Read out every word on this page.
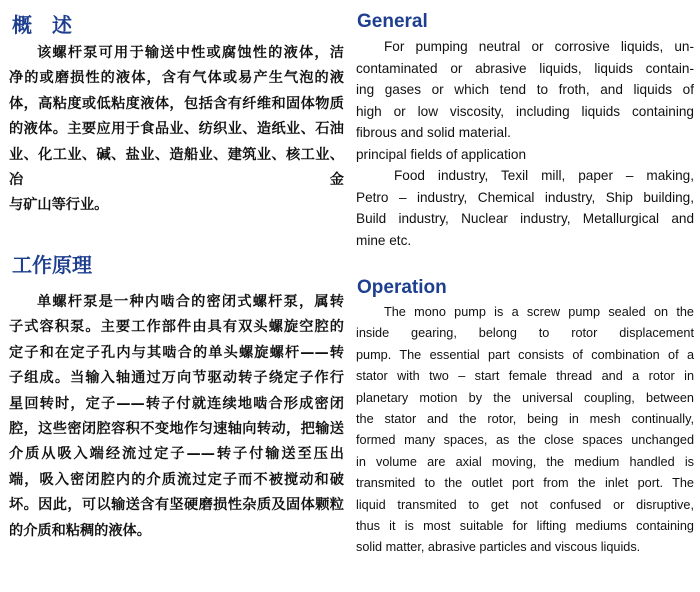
概　述

该螺杆泵可用于输送中性或腐蚀性的液体，洁
净的或磨损性的液体，含有气体或易产生气泡的液
体，高粘度或低粘度液体，包括含有纤维和固体物质
的液体。主要应用于食品业、纺织业、造纸业、石油
业、化工业、碱、盐业、造船业、建筑业、核工业、冶金
与矿山等行业。

工作原理

单螺杆泵是一种内啮合的密闭式螺杆泵，属转
子式容积泵。主要工作部件由具有双头螺旋空腔的
定子和在定子孔内与其啮合的单头螺旋螺杆——转
子组成。当输入轴通过万向节驱动转子绕定子作行
星回转时，定子——转子付就连续地啮合形成密闭
腔，这些密闭腔容积不变地作匀速轴向转动，把输送
介质从吸入端经流过定子——转子付输送至压出
端，吸入密闭腔内的介质流过定子而不被搅动和破
坏。因此，可以输送含有坚硬磨损性杂质及固体颗粒
的介质和粘稠的液体。

General

For pumping neutral or corrosive liquids, un-
contaminated or abrasive liquids, liquids contain-
ing gases or which tend to froth, and liquids of
high or low viscosity, including liquids containing
fibrous and solid material.
principal fields of application
Food industry, Texil mill, paper – making,
Petro – industry, Chemical industry, Ship building,
Build industry, Nuclear industry, Metallurgical and
mine etc.

Operation

The mono pump is a screw pump sealed on the
inside gearing, belong to rotor displacement
pump. The essential part consists of combination of a
stator with two – start female thread and a rotor in
planetary motion by the universal coupling, between
the stator and the rotor, being in mesh continually,
formed many spaces, as the close spaces unchanged
in volume are axial moving, the medium handled is
transmited to the outlet port from the inlet port. The
liquid transmited to get not confused or disruptive,
thus it is most suitable for lifting mediums containing
solid matter, abrasive particles and viscous liquids.
